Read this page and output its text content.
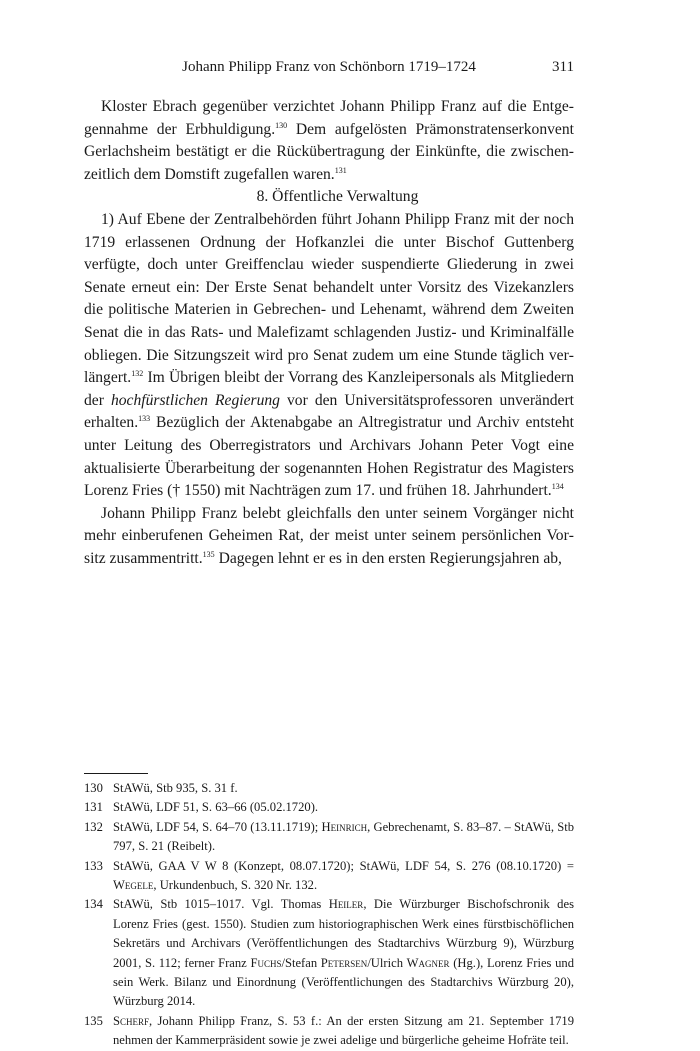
Johann Philipp Franz von Schönborn 1719–1724	311

Kloster Ebrach gegenüber verzichtet Johann Philipp Franz auf die Entgegennahme der Erbhuldigung.$^{130}$ Dem aufgelösten Prämonstratenserkonvent Gerlachsheim bestätigt er die Rückübertragung der Einkünfte, die zwischenzeitlich dem Domstift zugefallen waren.$^{131}$

8. Öffentliche Verwaltung

1) Auf Ebene der Zentralbehörden führt Johann Philipp Franz mit der noch 1719 erlassenen Ordnung der Hofkanzlei die unter Bischof Guttenberg verfügte, doch unter Greiffenclau wieder suspendierte Gliederung in zwei Senate erneut ein: Der Erste Senat behandelt unter Vorsitz des Vizekanzlers die politische Materien in Gebrechen- und Lehenamt, während dem Zweiten Senat die in das Rats- und Malefizamt schlagenden Justiz- und Kriminalfälle obliegen. Die Sitzungszeit wird pro Senat zudem um eine Stunde täglich verlängert.$^{132}$ Im Übrigen bleibt der Vorrang des Kanzleipersonals als Mitgliedern der hochfürstlichen Regierung vor den Universitätsprofessoren unverändert erhalten.$^{133}$ Bezüglich der Aktenabgabe an Altregistratur und Archiv entsteht unter Leitung des Oberregistrators und Archivars Johann Peter Vogt eine aktualisierte Überarbeitung der sogenannten Hohen Registratur des Magisters Lorenz Fries († 1550) mit Nachträgen zum 17. und frühen 18. Jahrhundert.$^{134}$

Johann Philipp Franz belebt gleichfalls den unter seinem Vorgänger nicht mehr einberufenen Geheimen Rat, der meist unter seinem persönlichen Vorsitz zusammentritt.$^{135}$ Dagegen lehnt er es in den ersten Regierungsjahren ab,

130 StAWü, Stb 935, S. 31 f.
131 StAWü, LDF 51, S. 63–66 (05.02.1720).
132 StAWü, LDF 54, S. 64–70 (13.11.1719); Heinrich, Gebrechenamt, S. 83–87. – StAWü, Stb 797, S. 21 (Reibelt).
133 StAWü, GAA V W 8 (Konzept, 08.07.1720); StAWü, LDF 54, S. 276 (08.10.1720) = Wegele, Urkundenbuch, S. 320 Nr. 132.
134 StAWü, Stb 1015–1017. Vgl. Thomas Heiler, Die Würzburger Bischofschronik des Lorenz Fries (gest. 1550). Studien zum historiographischen Werk eines fürstbischöflichen Sekretärs und Archivars (Veröffentlichungen des Stadtarchivs Würzburg 9), Würzburg 2001, S. 112; ferner Franz Fuchs/Stefan Petersen/Ulrich Wagner (Hg.), Lorenz Fries und sein Werk. Bilanz und Einordnung (Veröffentlichungen des Stadtarchivs Würzburg 20), Würzburg 2014.
135 Scherf, Johann Philipp Franz, S. 53 f.: An der ersten Sitzung am 21. September 1719 nehmen der Kammerpräsident sowie je zwei adelige und bürgerliche geheime Hofräte teil.
